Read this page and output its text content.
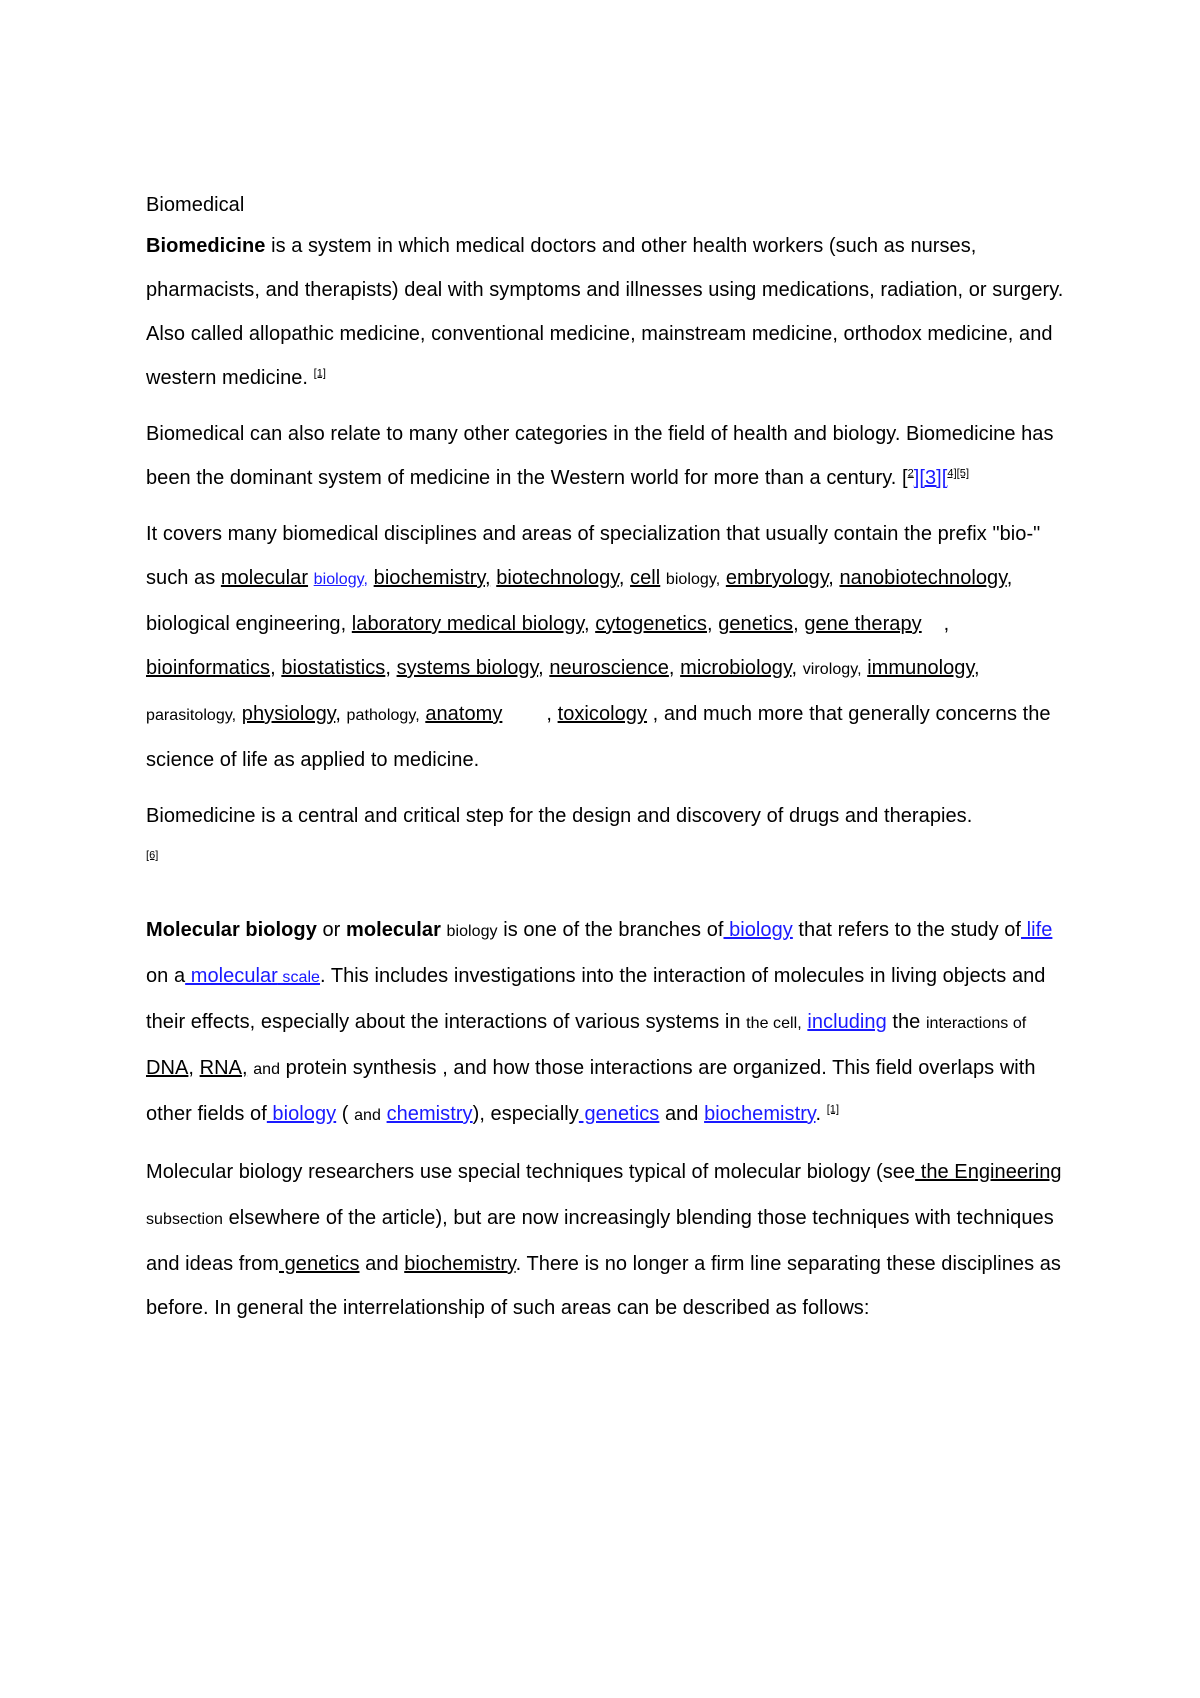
Biomedical

Biomedicine is a system in which medical doctors and other health workers (such as nurses, pharmacists, and therapists) deal with symptoms and illnesses using medications, radiation, or surgery. Also called allopathic medicine, conventional medicine, mainstream medicine, orthodox medicine, and western medicine. [1]

Biomedical can also relate to many other categories in the field of health and biology. Biomedicine has been the dominant system of medicine in the Western world for more than a century. [$^2$][3][$^{4][5]}$

It covers many biomedical disciplines and areas of specialization that usually contain the prefix "bio-" such as molecular biology, biochemistry, biotechnology, cell biology, embryology, nanobiotechnology, biological engineering, laboratory medical biology, cytogenetics, genetics, gene therapy , bioinformatics, biostatistics, systems biology, neuroscience, microbiology, virology, immunology, parasitology, physiology, pathology, anatomy , toxicology , and much more that generally concerns the science of life as applied to medicine.

Biomedicine is a central and critical step for the design and discovery of drugs and therapies.
[6]

Molecular biology or molecular biology is one of the branches of biology that refers to the study of life on a molecular scale. This includes investigations into the interaction of molecules in living objects and their effects, especially about the interactions of various systems in the cell, including the interactions of DNA, RNA, and protein synthesis , and how those interactions are organized. This field overlaps with other fields of biology ( and chemistry), especially genetics and biochemistry. [1]

Molecular biology researchers use special techniques typical of molecular biology (see the Engineering subsection elsewhere of the article), but are now increasingly blending those techniques with techniques and ideas from genetics and biochemistry. There is no longer a firm line separating these disciplines as before. In general the interrelationship of such areas can be described as follows:
